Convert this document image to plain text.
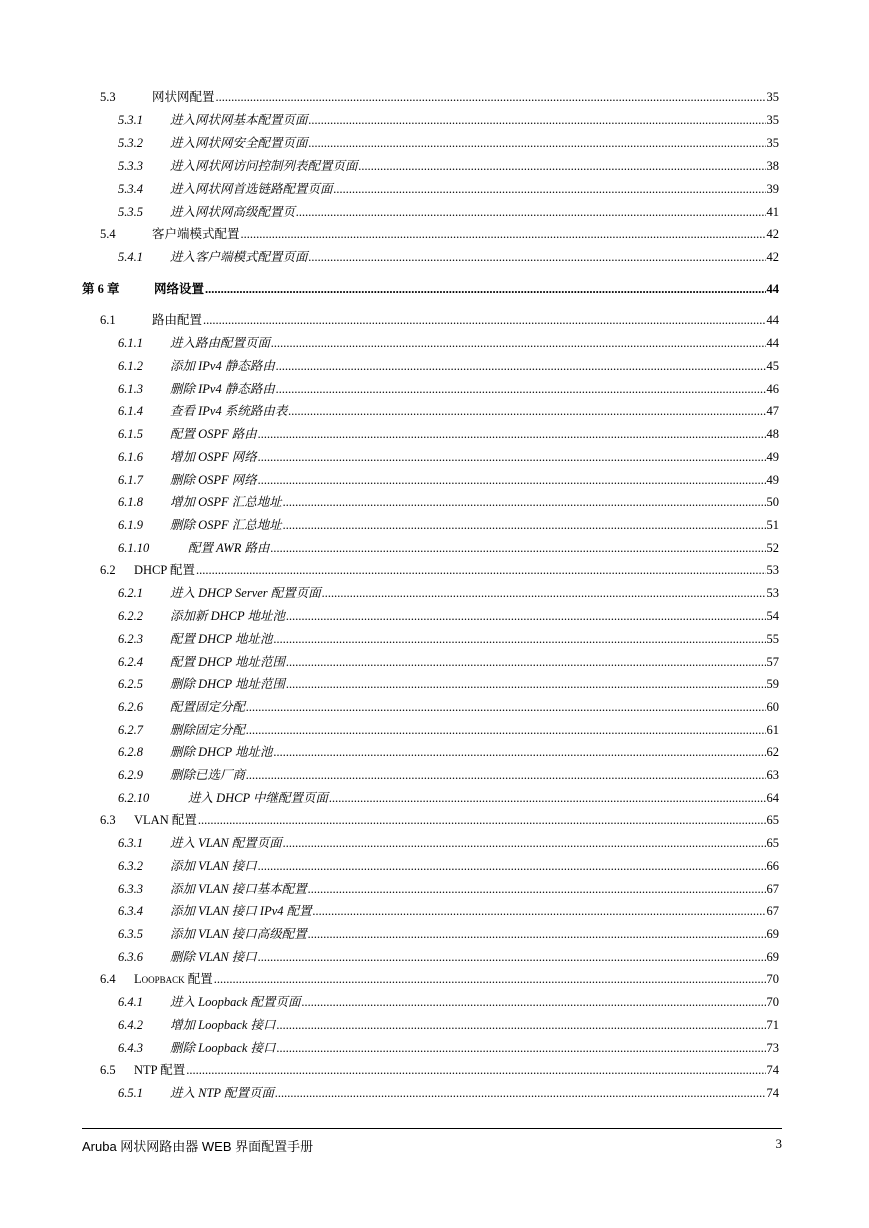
5.3	网状网配置 .....	35
5.3.1	进入网状网基本配置页面 .....	35
5.3.2	进入网状网安全配置页面 .....	35
5.3.3	进入网状网访问控制列表配置页面 .....	38
5.3.4	进入网状网首选链路配置页面 .....	39
5.3.5	进入网状网高级配置页 .....	41
5.4	客户端模式配置 .....	42
5.4.1	进入客户端模式配置页面 .....	42
第 6 章	网络设置 .....	44
6.1	路由配置 .....	44
6.1.1	进入路由配置页面 .....	44
6.1.2	添加 IPv4 静态路由 .....	45
6.1.3	删除 IPv4 静态路由 .....	46
6.1.4	查看 IPv4 系统路由表 .....	47
6.1.5	配置 OSPF 路由 .....	48
6.1.6	增加 OSPF 网络 .....	49
6.1.7	删除 OSPF 网络 .....	49
6.1.8	增加 OSPF 汇总地址 .....	50
6.1.9	删除 OSPF 汇总地址 .....	51
6.1.10	配置 AWR 路由 .....	52
6.2	DHCP 配置 .....	53
6.2.1	进入 DHCP Server 配置页面 .....	53
6.2.2	添加新 DHCP 地址池 .....	54
6.2.3	配置 DHCP 地址池 .....	55
6.2.4	配置 DHCP 地址范围 .....	57
6.2.5	删除 DHCP 地址范围 .....	59
6.2.6	配置固定分配 .....	60
6.2.7	删除固定分配 .....	61
6.2.8	删除 DHCP 地址池 .....	62
6.2.9	删除已选厂商 .....	63
6.2.10	进入 DHCP 中继配置页面 .....	64
6.3	VLAN 配置 .....	65
6.3.1	进入 VLAN 配置页面 .....	65
6.3.2	添加 VLAN 接口 .....	66
6.3.3	添加 VLAN 接口基本配置 .....	67
6.3.4	添加 VLAN 接口 IPv4 配置 .....	67
6.3.5	添加 VLAN 接口高级配置 .....	69
6.3.6	删除 VLAN 接口 .....	69
6.4	Loopback 配置 .....	70
6.4.1	进入 Loopback 配置页面 .....	70
6.4.2	增加 Loopback 接口 .....	71
6.4.3	删除 Loopback 接口 .....	73
6.5	NTP 配置 .....	74
6.5.1	进入 NTP 配置页面 .....	74
Aruba 网状网路由器 WEB 界面配置手册	3
